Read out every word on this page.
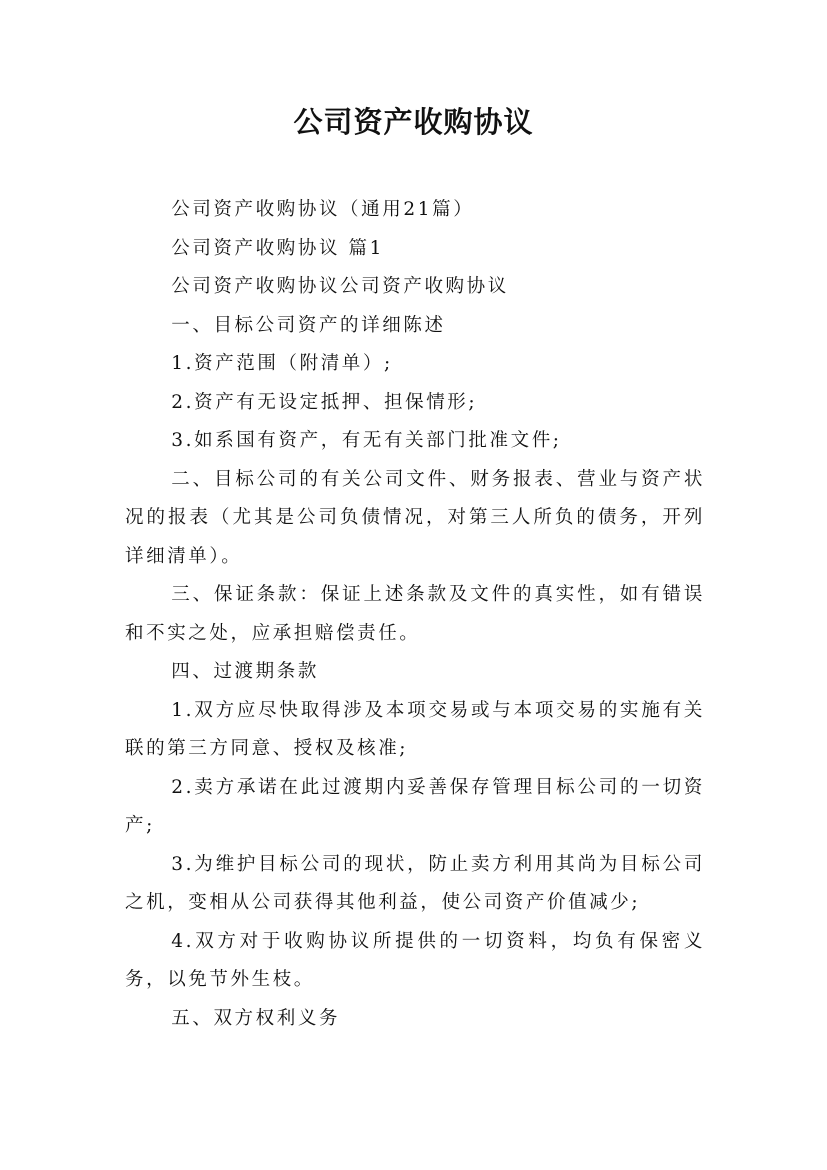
公司资产收购协议

公司资产收购协议（通用21篇）

公司资产收购协议 篇1

公司资产收购协议公司资产收购协议

一、目标公司资产的详细陈述

1.资产范围（附清单）;

2.资产有无设定抵押、担保情形;

3.如系国有资产，有无有关部门批准文件;

二、目标公司的有关公司文件、财务报表、营业与资产状况的报表（尤其是公司负债情况，对第三人所负的债务，开列详细清单）。

三、保证条款：保证上述条款及文件的真实性，如有错误和不实之处，应承担赔偿责任。

四、过渡期条款

1.双方应尽快取得涉及本项交易或与本项交易的实施有关联的第三方同意、授权及核准;

2.卖方承诺在此过渡期内妥善保存管理目标公司的一切资产;

3.为维护目标公司的现状，防止卖方利用其尚为目标公司之机，变相从公司获得其他利益，使公司资产价值减少;

4.双方对于收购协议所提供的一切资料，均负有保密义务，以免节外生枝。

五、双方权利义务
